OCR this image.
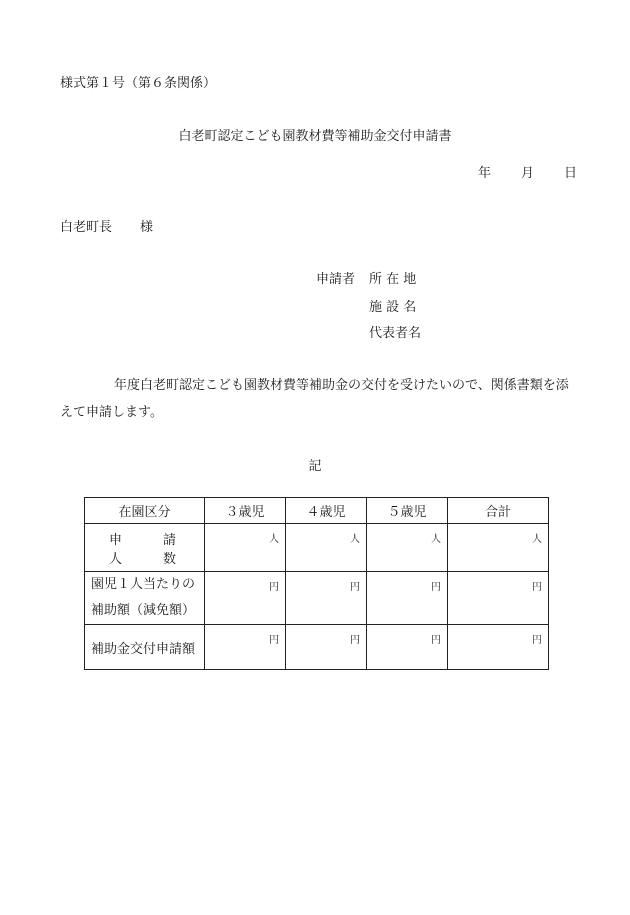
様式第１号（第６条関係）
白老町認定こども園教材費等補助金交付申請書
年 月 日
白老町長 様
申請者 所 在 地
施 設 名
代表者名
年度白老町認定こども園教材費等補助金の交付を受けたいので、関係書類を添えて申請します。
記
在園区分	３歳児	４歳児	５歳児	合計
申　請　人　数	人	人	人	人

園児１人当たりの
補助額（減免額）	円	円	円	円

補助金交付申請額	円	円	円	円
